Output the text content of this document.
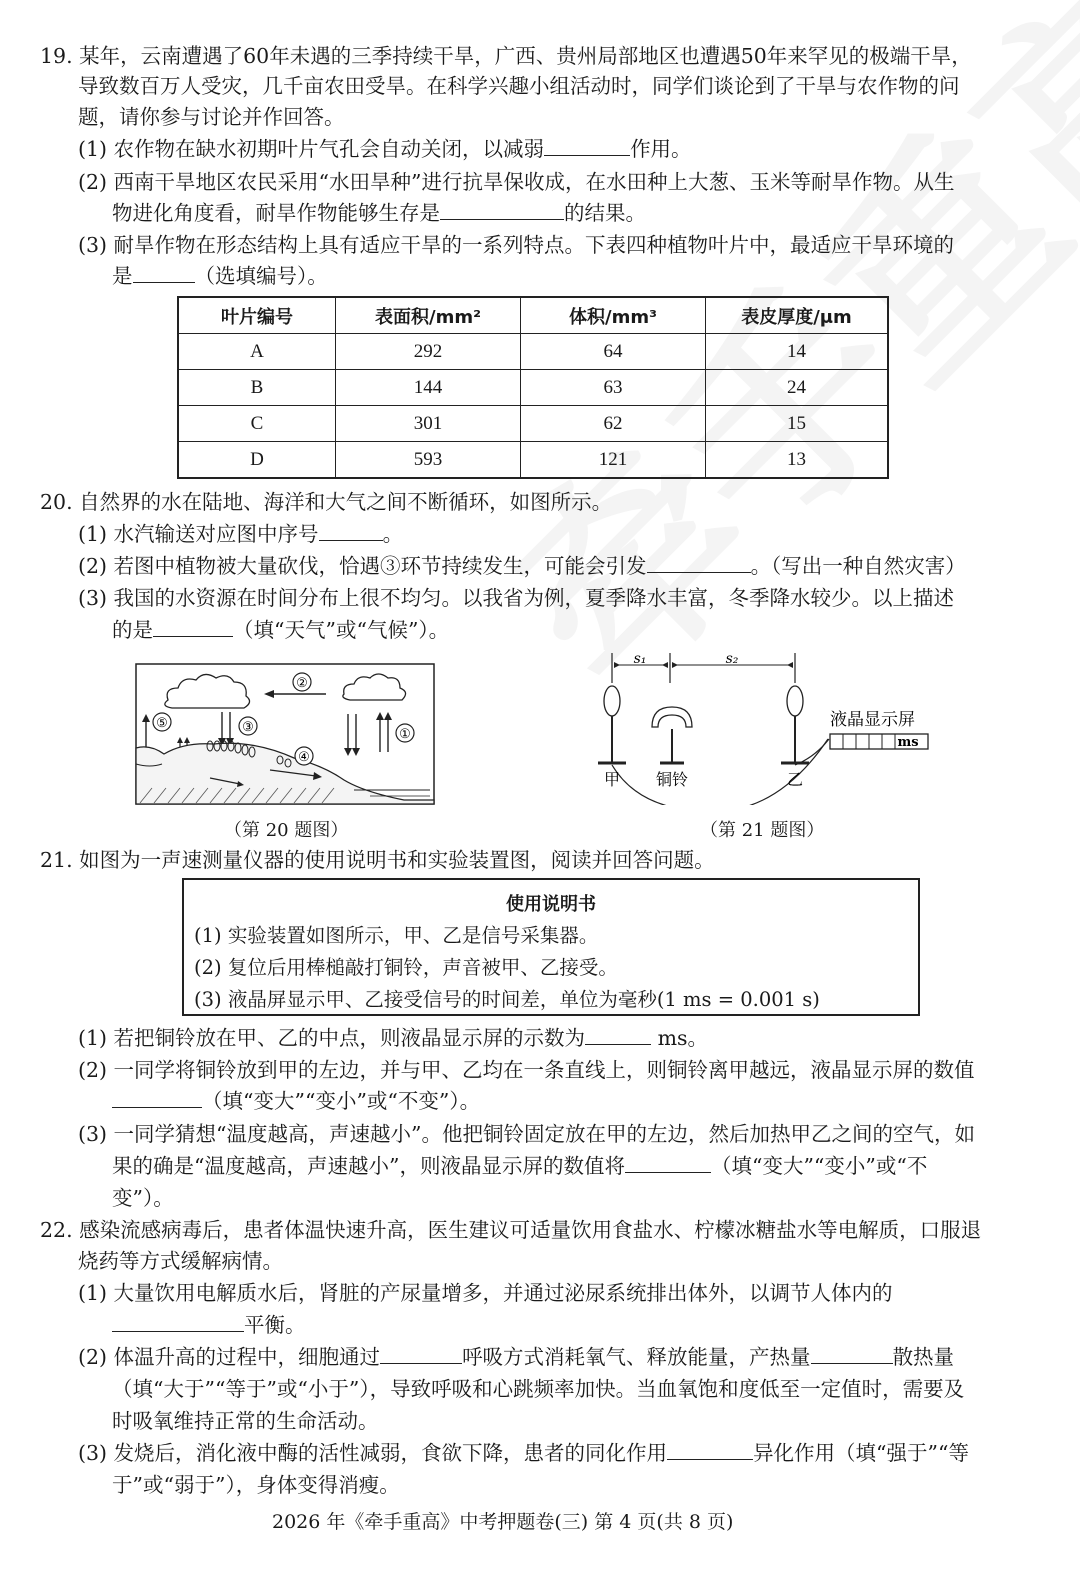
19. 某年，云南遭遇了60年未遇的三季持续干旱，广西、贵州局部地区也遭遇50年来罕见的极端干旱，
导致数百万人受灾，几千亩农田受旱。在科学兴趣小组活动时，同学们谈论到了干旱与农作物的问
题，请你参与讨论并作回答。
(1) 农作物在缺水初期叶片气孔会自动关闭，以减弱	作用。
(2) 西南干旱地区农民采用“水田旱种”进行抗旱保收成，在水田种上大葱、玉米等耐旱作物。从生
物进化角度看，耐旱作物能够生存是	的结果。
(3) 耐旱作物在形态结构上具有适应干旱的一系列特点。下表四种植物叶片中，最适应干旱环境的
是	（选填编号）。
叶片编号	表面积/mm²	体积/mm³	表皮厚度/μm
A	292	64	14
B	144	63	24
C	301	62	15
D	593	121	13
20. 自然界的水在陆地、海洋和大气之间不断循环，如图所示。
(1) 水汽输送对应图中序号	。
(2) 若图中植物被大量砍伐，恰遇③环节持续发生，可能会引发	。（写出一种自然灾害）
(3) 我国的水资源在时间分布上很不均匀。以我省为例，夏季降水丰富，冬季降水较少。以上描述
的是	（填“天气”或“气候”）。
②
①
③
⑤
④
（第 20 题图）
s₁	s₂
ms
液晶显示屏
甲 铜铃	乙
（第 21 题图）
21. 如图为一声速测量仪器的使用说明书和实验装置图，阅读并回答问题。
使用说明书
(1) 实验装置如图所示，甲、乙是信号采集器。
(2) 复位后用棒槌敲打铜铃，声音被甲、乙接受。
(3) 液晶屏显示甲、乙接受信号的时间差，单位为毫秒(1 ms = 0.001 s)
(1) 若把铜铃放在甲、乙的中点，则液晶显示屏的示数为	ms。
(2) 一同学将铜铃放到甲的左边，并与甲、乙均在一条直线上，则铜铃离甲越远，液晶显示屏的数值
（填“变大”“变小”或“不变”）。
(3) 一同学猜想“温度越高，声速越小”。他把铜铃固定放在甲的左边，然后加热甲乙之间的空气，如
果的确是“温度越高，声速越小”，则液晶显示屏的数值将	（填“变大”“变小”或“不
变”）。
22. 感染流感病毒后，患者体温快速升高，医生建议可适量饮用食盐水、柠檬冰糖盐水等电解质，口服退
烧药等方式缓解病情。
(1) 大量饮用电解质水后，肾脏的产尿量增多，并通过泌尿系统排出体外，以调节人体内的
平衡。
(2) 体温升高的过程中，细胞通过	呼吸方式消耗氧气、释放能量，产热量	散热量
（填“大于”“等于”或“小于”），导致呼吸和心跳频率加快。当血氧饱和度低至一定值时，需要及
时吸氧维持正常的生命活动。
(3) 发烧后，消化液中酶的活性减弱，食欲下降，患者的同化作用	异化作用（填“强于”“等
于”或“弱于”），身体变得消瘦。
2026 年《牵手重高》中考押题卷(三) 第 4 页(共 8 页)
